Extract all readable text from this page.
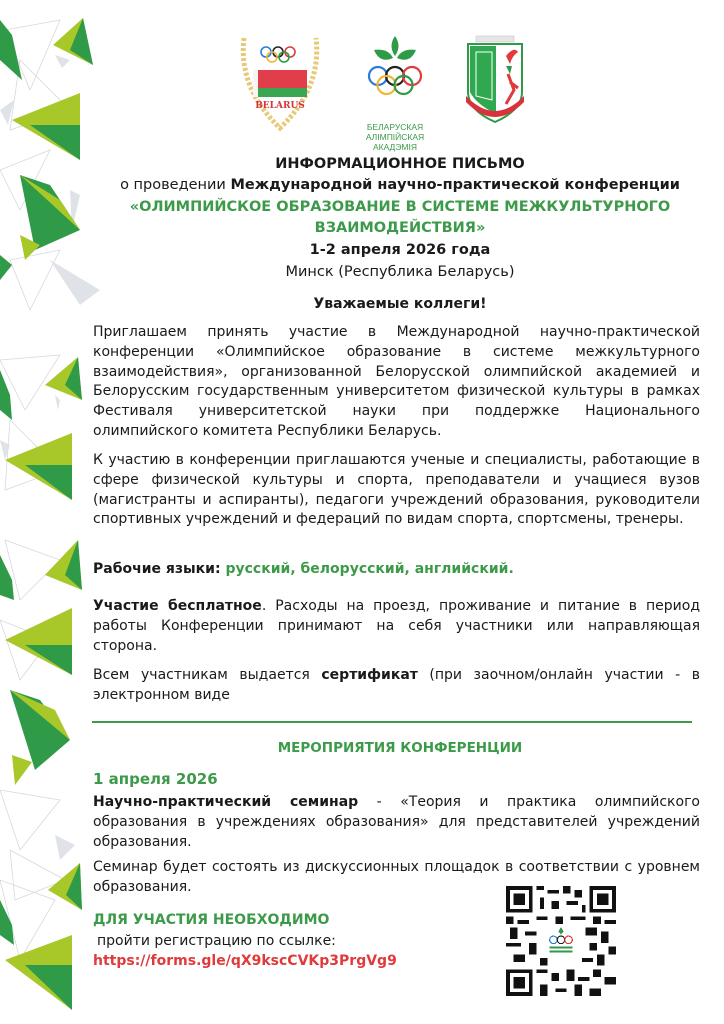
BELARUS
БЕЛАРУСКАЯ
АЛІМПІЙСКАЯ
АКАДЭМІЯ
ИНФОРМАЦИОННОЕ ПИСЬМО
о проведении Международной научно-практической конференции
«ОЛИМПИЙСКОЕ ОБРАЗОВАНИЕ В СИСТЕМЕ МЕЖКУЛЬТУРНОГО
ВЗАИМОДЕЙСТВИЯ»
1-2 апреля 2026 года
Минск (Республика Беларусь)
Уважаемые коллеги!

Приглашаем принять участие в Международной научно-практической конференции «Олимпийское образование в системе межкультурного взаимодействия», организованной Белорусской олимпийской академией и Белорусским государственным университетом физической культуры в рамках Фестиваля университетской науки при поддержке Национального олимпийского комитета Республики Беларусь.

К участию в конференции приглашаются ученые и специалисты, работающие в сфере физической культуры и спорта, преподаватели и учащиеся вузов (магистранты и аспиранты), педагоги учреждений образования, руководители спортивных учреждений и федераций по видам спорта, спортсмены, тренеры.

Рабочие языки: русский, белорусский, английский.

Участие бесплатное. Расходы на проезд, проживание и питание в период работы Конференции принимают на себя участники или направляющая сторона.

Всем участникам выдается сертификат (при заочном/онлайн участии - в электронном виде

МЕРОПРИЯТИЯ КОНФЕРЕНЦИИ
1 апреля 2026

Научно-практический семинар - «Теория и практика олимпийского образования в учреждениях образования» для представителей учреждений образования.

Семинар будет состоять из дискуссионных площадок в соответствии с уровнем образования.

ДЛЯ УЧАСТИЯ НЕОБХОДИМО
пройти регистрацию по ссылке:
https://forms.gle/qX9kscCVKp3PrgVg9
